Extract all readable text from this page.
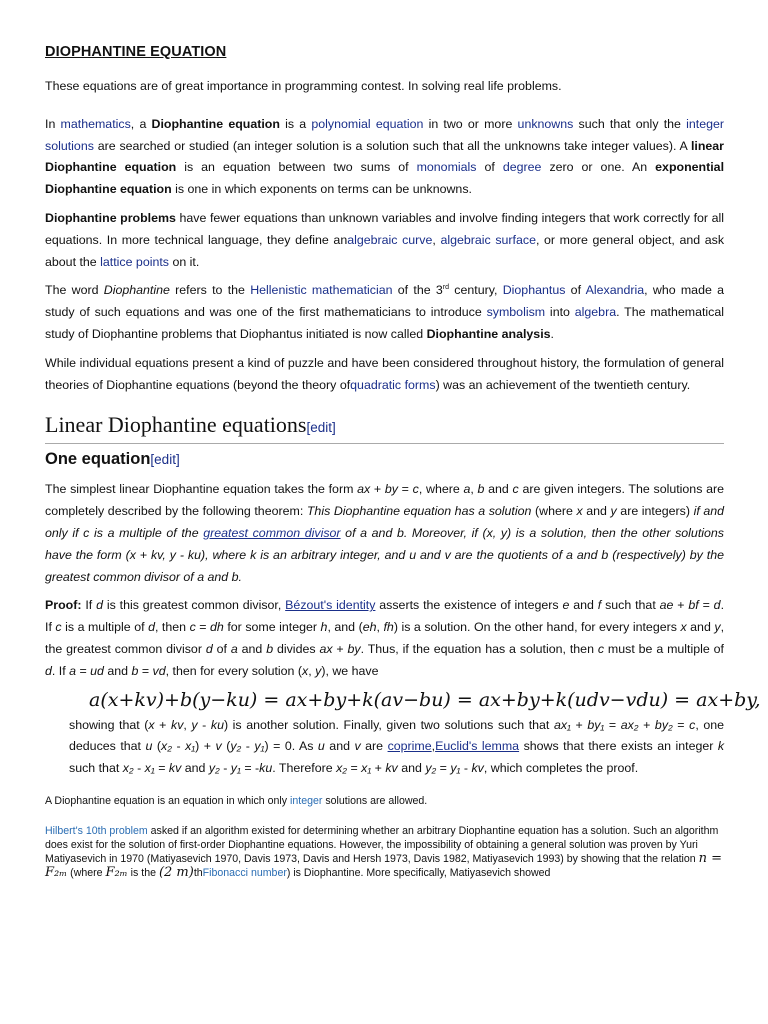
DIOPHANTINE EQUATION

These equations are of great importance in programming contest. In solving real life problems.

In mathematics, a Diophantine equation is a polynomial equation in two or more unknowns such that only the integer solutions are searched or studied (an integer solution is a solution such that all the unknowns take integer values). A linear Diophantine equation is an equation between two sums of monomials of degree zero or one. An exponential Diophantine equation is one in which exponents on terms can be unknowns.

Diophantine problems have fewer equations than unknown variables and involve finding integers that work correctly for all equations. In more technical language, they define analgebraic curve, algebraic surface, or more general object, and ask about the lattice points on it.

The word Diophantine refers to the Hellenistic mathematician of the 3rd century, Diophantus of Alexandria, who made a study of such equations and was one of the first mathematicians to introduce symbolism into algebra. The mathematical study of Diophantine problems that Diophantus initiated is now called Diophantine analysis.

While individual equations present a kind of puzzle and have been considered throughout history, the formulation of general theories of Diophantine equations (beyond the theory ofquadratic forms) was an achievement of the twentieth century.

Linear Diophantine equations[edit]
One equation[edit]

The simplest linear Diophantine equation takes the form ax + by = c, where a, b and c are given integers. The solutions are completely described by the following theorem: This Diophantine equation has a solution (where x and y are integers) if and only if c is a multiple of the greatest common divisor of a and b. Moreover, if (x, y) is a solution, then the other solutions have the form (x + kv, y - ku), where k is an arbitrary integer, and u and v are the quotients of a and b (respectively) by the greatest common divisor of a and b.

Proof: If d is this greatest common divisor, Bézout's identity asserts the existence of integers e and f such that ae + bf = d. If c is a multiple of d, then c = dh for some integer h, and (eh, fh) is a solution. On the other hand, for every integers x and y, the greatest common divisor d of a and b divides ax + by. Thus, if the equation has a solution, then c must be a multiple of d. If a = ud and b = vd, then for every solution (x, y), we have

a(x+kv)+b(y−ku) = ax+by+k(av−bu) = ax+by+k(udv−vdu) = ax+by,

showing that (x + kv, y - ku) is another solution. Finally, given two solutions such that ax₁ + by₁ = ax₂ + by₂ = c, one deduces that u (x₂ - x₁) + v (y₂ - y₁) = 0. As u and v are coprime,Euclid's lemma shows that there exists an integer k such that x₂ - x₁ = kv and y₂ - y₁ = -ku. Therefore x₂ = x₁ + kv and y₂ = y₁ - kv, which completes the proof.

A Diophantine equation is an equation in which only integer solutions are allowed.

Hilbert's 10th problem asked if an algorithm existed for determining whether an arbitrary Diophantine equation has a solution. Such an algorithm does exist for the solution of first-order Diophantine equations. However, the impossibility of obtaining a general solution was proven by Yuri Matiyasevich in 1970 (Matiyasevich 1970, Davis 1973, Davis and Hersh 1973, Davis 1982, Matiyasevich 1993) by showing that the relation n = F₂ₘ (where F₂ₘ is the (2 m)thFibonacci number) is Diophantine. More specifically, Matiyasevich showed
